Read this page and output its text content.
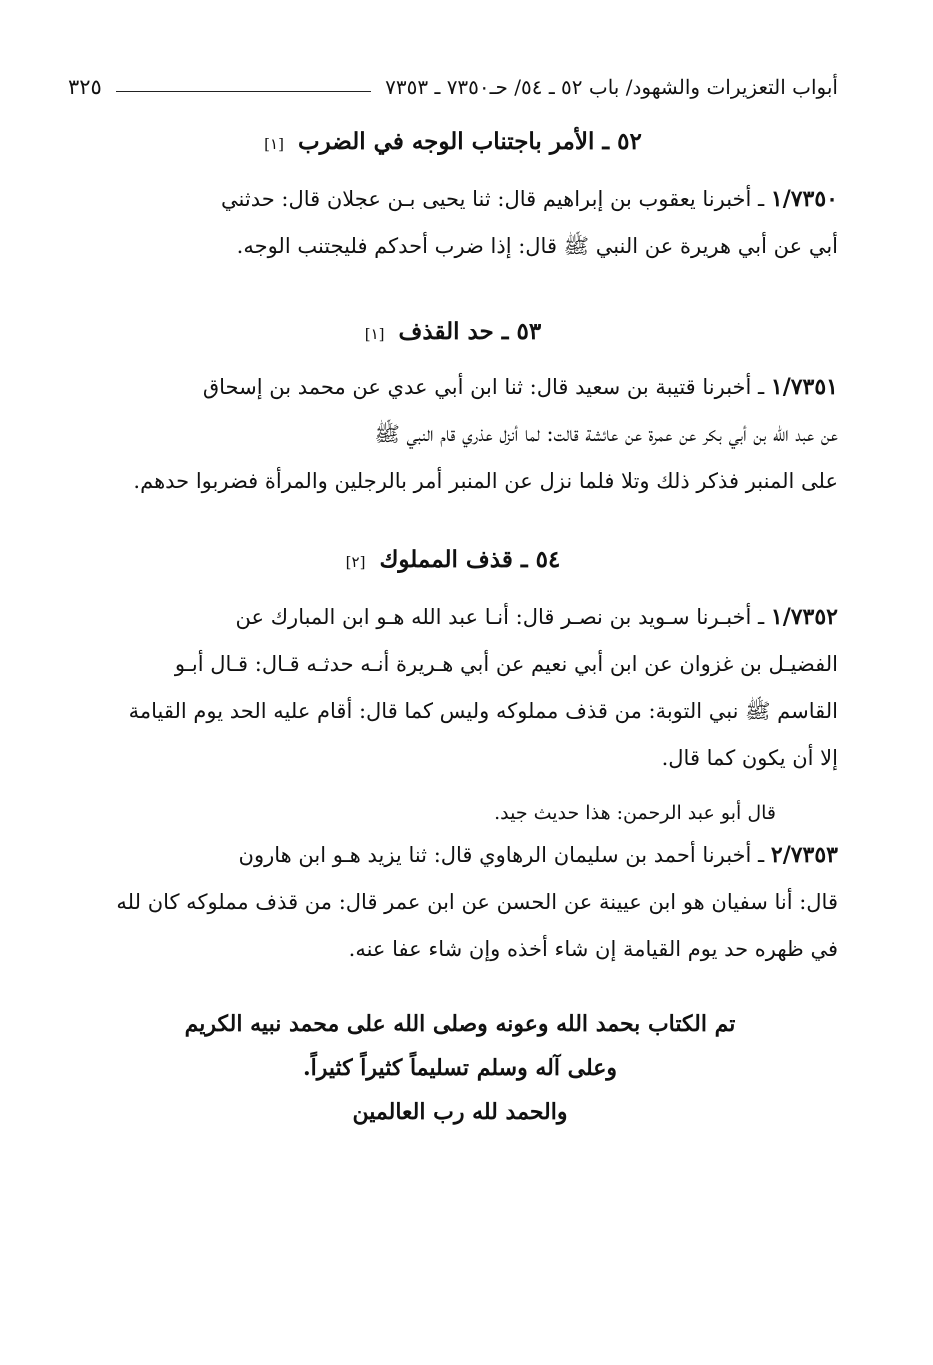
أبواب التعزيرات والشهود/ باب ٥٢ ـ ٥٤/ حـ٧٣٥٠ ـ ٧٣٥٣
٣٢٥
٥٢ ـ الأمر باجتناب الوجه في الضرب [١]
١/٧٣٥٠ ـ أخبرنا يعقوب بن إبراهيم قال: ثنا يحيى بـن عجلان قال: حدثني
أبي عن أبي هريرة عن النبي ﷺ قال: إذا ضرب أحدكم فليجتنب الوجه.
٥٣ ـ حد القذف [١]
١/٧٣٥١ ـ أخبرنا قتيبة بن سعيد قال: ثنا ابن أبي عدي عن محمد بن إسحاق
عن عبد الله بن أبي بكر عن عمرة عن عائشة قالت: لما أنزل عذري قام النبي ﷺ
على المنبر فذكر ذلك وتلا فلما نزل عن المنبر أمر بالرجلين والمرأة فضربوا حدهم.
٥٤ ـ قذف المملوك [٢]
١/٧٣٥٢ ـ أخبـرنا سـويد بن نصـر قال: أنـا عبد الله هـو ابن المبارك عن
الفضيـل بن غزوان عن ابن أبي نعيم عن أبي هـريرة أنـه حدثـه قـال: قـال أبـو
القاسم ﷺ نبي التوبة: من قذف مملوكه وليس كما قال: أقام عليه الحد يوم القيامة
إلا أن يكون كما قال.
قال أبو عبد الرحمن: هذا حديث جيد.
٢/٧٣٥٣ ـ أخبرنا أحمد بن سليمان الرهاوي قال: ثنا يزيد هـو ابن هارون
قال: أنا سفيان هو ابن عيينة عن الحسن عن ابن عمر قال: من قذف مملوكه كان لله
في ظهره حد يوم القيامة إن شاء أخذه وإن شاء عفا عنه.
تم الكتاب بحمد الله وعونه وصلى الله على محمد نبيه الكريم
وعلى آله وسلم تسليماً كثيراً كثيراً.
والحمد لله رب العالمين
